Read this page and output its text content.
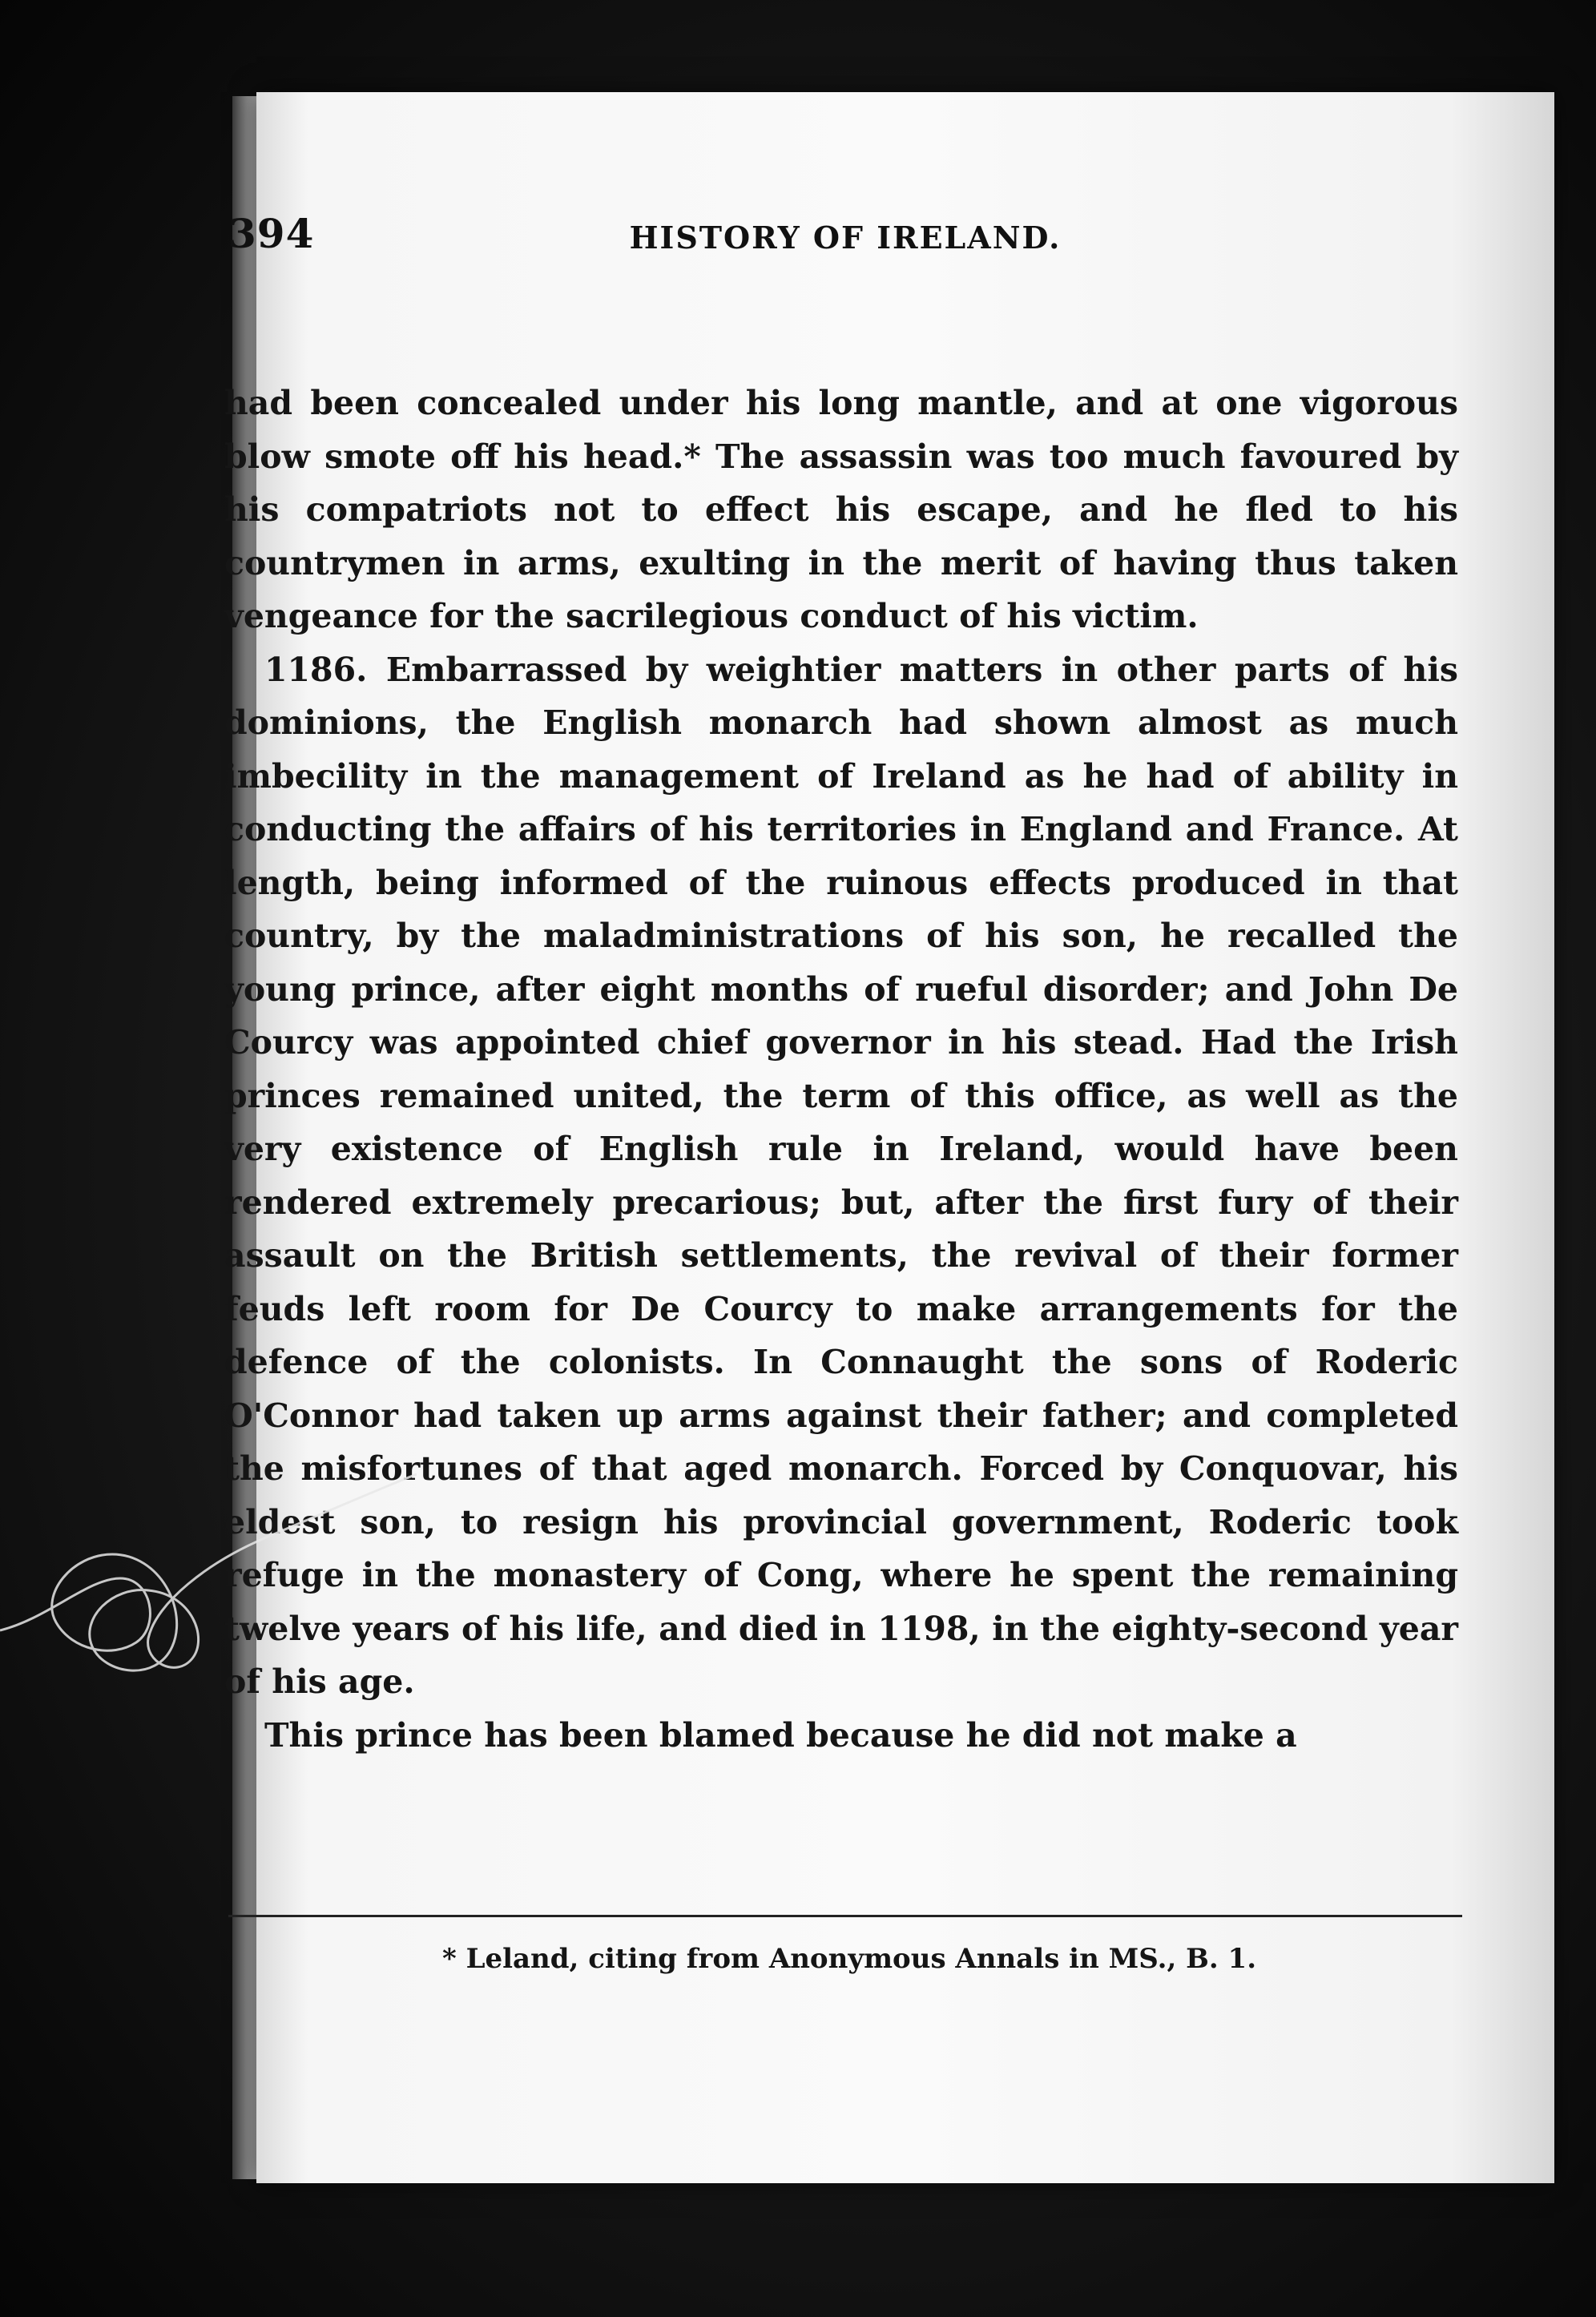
394	HISTORY OF IRELAND.

had been concealed under his long mantle, and at one vigorous blow smote off his head.* The assassin was too much favoured by his compatriots not to effect his escape, and he fled to his countrymen in arms, exulting in the merit of having thus taken vengeance for the sacrilegious conduct of his victim.

1186. Embarrassed by weightier matters in other parts of his dominions, the English monarch had shown almost as much imbecility in the management of Ireland as he had of ability in conducting the affairs of his territories in England and France. At length, being informed of the ruinous effects produced in that country, by the maladministrations of his son, he recalled the young prince, after eight months of rueful disorder; and John De Courcy was appointed chief governor in his stead. Had the Irish princes remained united, the term of this office, as well as the very existence of English rule in Ireland, would have been rendered extremely precarious; but, after the first fury of their assault on the British settlements, the revival of their former feuds left room for De Courcy to make arrangements for the defence of the colonists. In Connaught the sons of Roderic O'Connor had taken up arms against their father; and completed the misfortunes of that aged monarch. Forced by Conquovar, his eldest son, to resign his provincial government, Roderic took refuge in the monastery of Cong, where he spent the remaining twelve years of his life, and died in 1198, in the eighty-second year of his age.

This prince has been blamed because he did not make a

* Leland, citing from Anonymous Annals in MS., B. 1.
